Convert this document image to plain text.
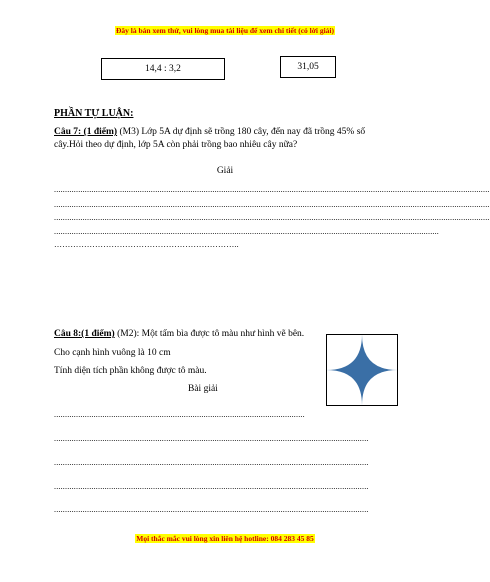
Đây là bản xem thử, vui lòng mua tài liệu để xem chi tiết (có lời giải)
14,4 : 3,2	31,05
PHẦN TỰ LUẬN:
Câu 7: (1 điểm) (M3) Lớp 5A dự định sẽ trồng 180 cây, đến nay đã trồng 45% số
cây.Hỏi theo dự định, lớp 5A còn phải trồng bao nhiêu cây nữa?
Giải
......................................................................................................................................................................................................
......................................................................................................................................................................................................
......................................................................................................................................................................................................
...............................................................................................................................................................................
…………………………………………………………..
Câu 8:(1 điểm) (M2): Một tấm bìa được tô màu như hình vẽ bên.
Cho cạnh hình vuông là 10 cm
Tính diện tích phần không được tô màu.
Bài giải
..................................................................................................................
...............................................................................................................................................
...............................................................................................................................................
...............................................................................................................................................
...............................................................................................................................................
Mọi thắc mắc vui lòng xin liên hệ hotline: 084 283 45 85
